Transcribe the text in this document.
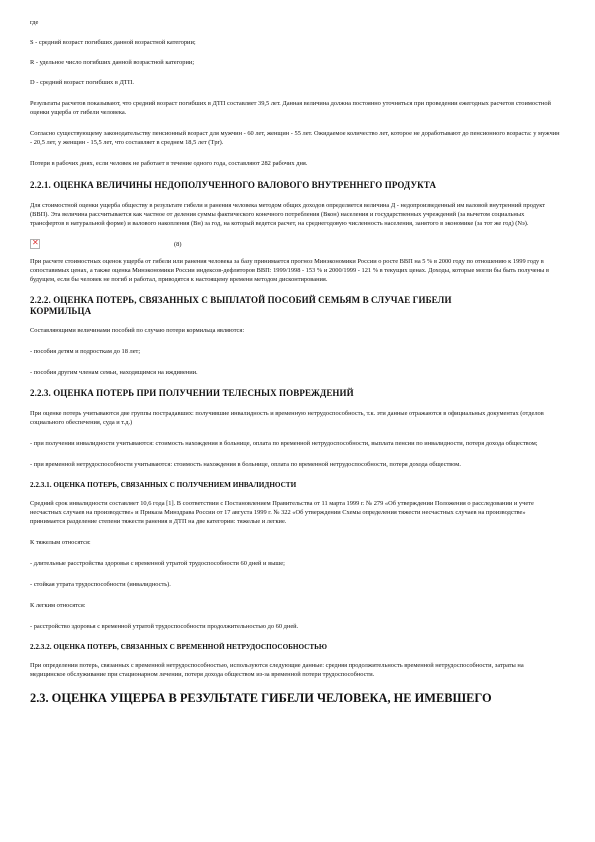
где

S - средний возраст погибших данной возрастной категории;

R - удельное число погибших данной возрастной категории;

D - средний возраст погибших в ДТП.

Результаты расчетов показывают, что средний возраст погибших в ДТП составляет 39,5 лет. Данная величина должна постоянно уточняться при проведении ежегодных расчетов стоимостной оценки ущерба от гибели человека.

Согласно существующему законодательству пенсионный возраст для мужчин - 60 лет, женщин - 55 лет. Ожидаемое количество лет, которое не доработывают до пенсионного возраста: у мужчин - 20,5 лет, у женщин - 15,5 лет, что составляет в среднем 18,5 лет (Tpr).

Потери в рабочих днях, если человек не работает в течение одного года, составляют 282 рабочих дня.

2.2.1. ОЦЕНКА ВЕЛИЧИНЫ НЕДОПОЛУЧЕННОГО ВАЛОВОГО ВНУТРЕННЕГО ПРОДУКТА

Для стоимостной оценки ущерба обществу в результате гибели и ранения человека методом общих доходов определяется величина Д - недопроизведенный им валовой внутренний продукт (ВВП). Эта величина рассчитывается как частное от деления суммы фактического конечного потребления (Вкон) населения и государственных учреждений (за вычетом социальных трансфертов в натуральной форме) и валового накопления (Вн) за год, на который ведется расчет, на среднегодовую численность населения, занятого в экономике (за тот же год) (Nэ).

✕
(8)

При расчете стоимостных оценок ущерба от гибели или ранения человека за базу принимается прогноз Минэкономики России о росте ВВП на 5 % в 2000 году по отношению к 1999 году в сопоставимых ценах, а также оценка Минэкономики России индексов-дефляторов ВВП: 1999/1998 - 153 % и 2000/1999 - 121 % в текущих ценах. Доходы, которые могли бы быть получены в будущем, если бы человек не погиб и работал, приводятся к настоящему времени методом дисконтирования.

2.2.2. ОЦЕНКА ПОТЕРЬ, СВЯЗАННЫХ С ВЫПЛАТОЙ ПОСОБИЙ СЕМЬЯМ В СЛУЧАЕ ГИБЕЛИ
КОРМИЛЬЦА

Составляющими величинами пособий по случаю потери кормильца являются:

- пособия детям и подросткам до 18 лет;

- пособия другим членам семьи, находящимся на иждивении.

2.2.3. ОЦЕНКА ПОТЕРЬ ПРИ ПОЛУЧЕНИИ ТЕЛЕСНЫХ ПОВРЕЖДЕНИЙ

При оценке потерь учитываются две группы пострадавших: получившие инвалидность и временную нетрудоспособность, т.к. эти данные отражаются в официальных документах (отделов социального обеспечения, суда и т.д.)

- при получении инвалидности учитываются: стоимость нахождения в больнице, оплата по временной нетрудоспособности, выплата пенсии по инвалидности, потеря дохода обществом;

- при временной нетрудоспособности учитываются: стоимость нахождения в больнице, оплата по временной нетрудоспособности, потеря дохода обществом.

2.2.3.1. ОЦЕНКА ПОТЕРЬ, СВЯЗАННЫХ С ПОЛУЧЕНИЕМ ИНВАЛИДНОСТИ

Средний срок инвалидности составляет 10,6 года [1]. В соответствии с Постановлением Правительства от 11 марта 1999 г. № 279 «Об утверждении Положения о расследовании и учете несчастных случаев на производстве» и Приказа Минздрава России от 17 августа 1999 г. № 322 «Об утверждении Схемы определения тяжести несчастных случаев на производстве» принимается разделение степени тяжести ранения в ДТП на две категории: тяжелые и легкие.

К тяжелым относятся:

- длительные расстройства здоровья с временной утратой трудоспособности 60 дней и выше;

- стойкая утрата трудоспособности (инвалидность).

К легким относятся:

- расстройство здоровья с временной утратой трудоспособности продолжительностью до 60 дней.

2.2.3.2. ОЦЕНКА ПОТЕРЬ, СВЯЗАННЫХ С ВРЕМЕННОЙ НЕТРУДОСПОСОБНОСТЬЮ

При определении потерь, связанных с временной нетрудоспособностью, используются следующие данные: средняя продолжительность временной нетрудоспособности, затраты на медицинское обслуживание при стационарном лечении, потеря дохода обществом из-за временной потери трудоспособности.

2.3. ОЦЕНКА УЩЕРБА В РЕЗУЛЬТАТЕ ГИБЕЛИ ЧЕЛОВЕКА, НЕ ИМЕВШЕГО
